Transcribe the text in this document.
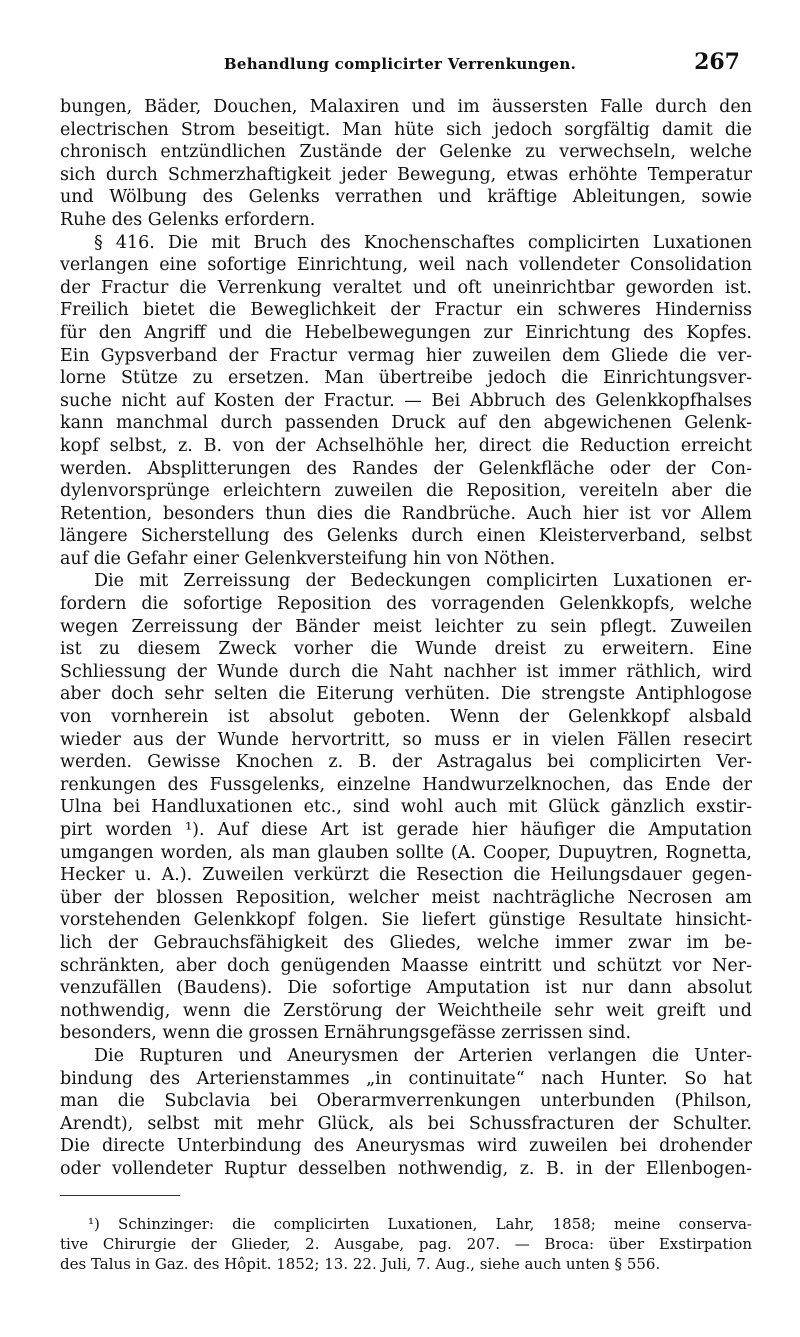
Behandlung complicirter Verrenkungen.	267

bungen, Bäder, Douchen, Malaxiren und im äussersten Falle durch den
electrischen Strom beseitigt. Man hüte sich jedoch sorgfältig damit die
chronisch entzündlichen Zustände der Gelenke zu verwechseln, welche
sich durch Schmerzhaftigkeit jeder Bewegung, etwas erhöhte Temperatur
und Wölbung des Gelenks verrathen und kräftige Ableitungen, sowie
Ruhe des Gelenks erfordern.

§ 416. Die mit Bruch des Knochenschaftes complicirten Luxationen
verlangen eine sofortige Einrichtung, weil nach vollendeter Consolidation
der Fractur die Verrenkung veraltet und oft uneinrichtbar geworden ist.
Freilich bietet die Beweglichkeit der Fractur ein schweres Hinderniss
für den Angriff und die Hebelbewegungen zur Einrichtung des Kopfes.
Ein Gypsverband der Fractur vermag hier zuweilen dem Gliede die ver-
lorne Stütze zu ersetzen. Man übertreibe jedoch die Einrichtungsver-
suche nicht auf Kosten der Fractur. — Bei Abbruch des Gelenkkopfhalses
kann manchmal durch passenden Druck auf den abgewichenen Gelenk-
kopf selbst, z. B. von der Achselhöhle her, direct die Reduction erreicht
werden. Absplitterungen des Randes der Gelenkfläche oder der Con-
dylenvorsprünge erleichtern zuweilen die Reposition, vereiteln aber die
Retention, besonders thun dies die Randbrüche. Auch hier ist vor Allem
längere Sicherstellung des Gelenks durch einen Kleisterverband, selbst
auf die Gefahr einer Gelenkversteifung hin von Nöthen.

Die mit Zerreissung der Bedeckungen complicirten Luxationen er-
fordern die sofortige Reposition des vorragenden Gelenkkopfs, welche
wegen Zerreissung der Bänder meist leichter zu sein pflegt. Zuweilen
ist zu diesem Zweck vorher die Wunde dreist zu erweitern. Eine
Schliessung der Wunde durch die Naht nachher ist immer räthlich, wird
aber doch sehr selten die Eiterung verhüten. Die strengste Antiphlogose
von vornherein ist absolut geboten. Wenn der Gelenkkopf alsbald
wieder aus der Wunde hervortritt, so muss er in vielen Fällen resecirt
werden. Gewisse Knochen z. B. der Astragalus bei complicirten Ver-
renkungen des Fussgelenks, einzelne Handwurzelknochen, das Ende der
Ulna bei Handluxationen etc., sind wohl auch mit Glück gänzlich exstir-
pirt worden ¹). Auf diese Art ist gerade hier häufiger die Amputation
umgangen worden, als man glauben sollte (A. Cooper, Dupuytren, Rognetta,
Hecker u. A.). Zuweilen verkürzt die Resection die Heilungsdauer gegen-
über der blossen Reposition, welcher meist nachträgliche Necrosen am
vorstehenden Gelenkkopf folgen. Sie liefert günstige Resultate hinsicht-
lich der Gebrauchsfähigkeit des Gliedes, welche immer zwar im be-
schränkten, aber doch genügenden Maasse eintritt und schützt vor Ner-
venzufällen (Baudens). Die sofortige Amputation ist nur dann absolut
nothwendig, wenn die Zerstörung der Weichtheile sehr weit greift und
besonders, wenn die grossen Ernährungsgefässe zerrissen sind.

Die Rupturen und Aneurysmen der Arterien verlangen die Unter-
bindung des Arterienstammes „in continuitate“ nach Hunter. So hat
man die Subclavia bei Oberarmverrenkungen unterbunden (Philson,
Arendt), selbst mit mehr Glück, als bei Schussfracturen der Schulter.
Die directe Unterbindung des Aneurysmas wird zuweilen bei drohender
oder vollendeter Ruptur desselben nothwendig, z. B. in der Ellenbogen-

¹) Schinzinger: die complicirten Luxationen, Lahr, 1858; meine conserva-
tive Chirurgie der Glieder, 2. Ausgabe, pag. 207. — Broca: über Exstirpation
des Talus in Gaz. des Hôpit. 1852; 13. 22. Juli, 7. Aug., siehe auch unten § 556.
